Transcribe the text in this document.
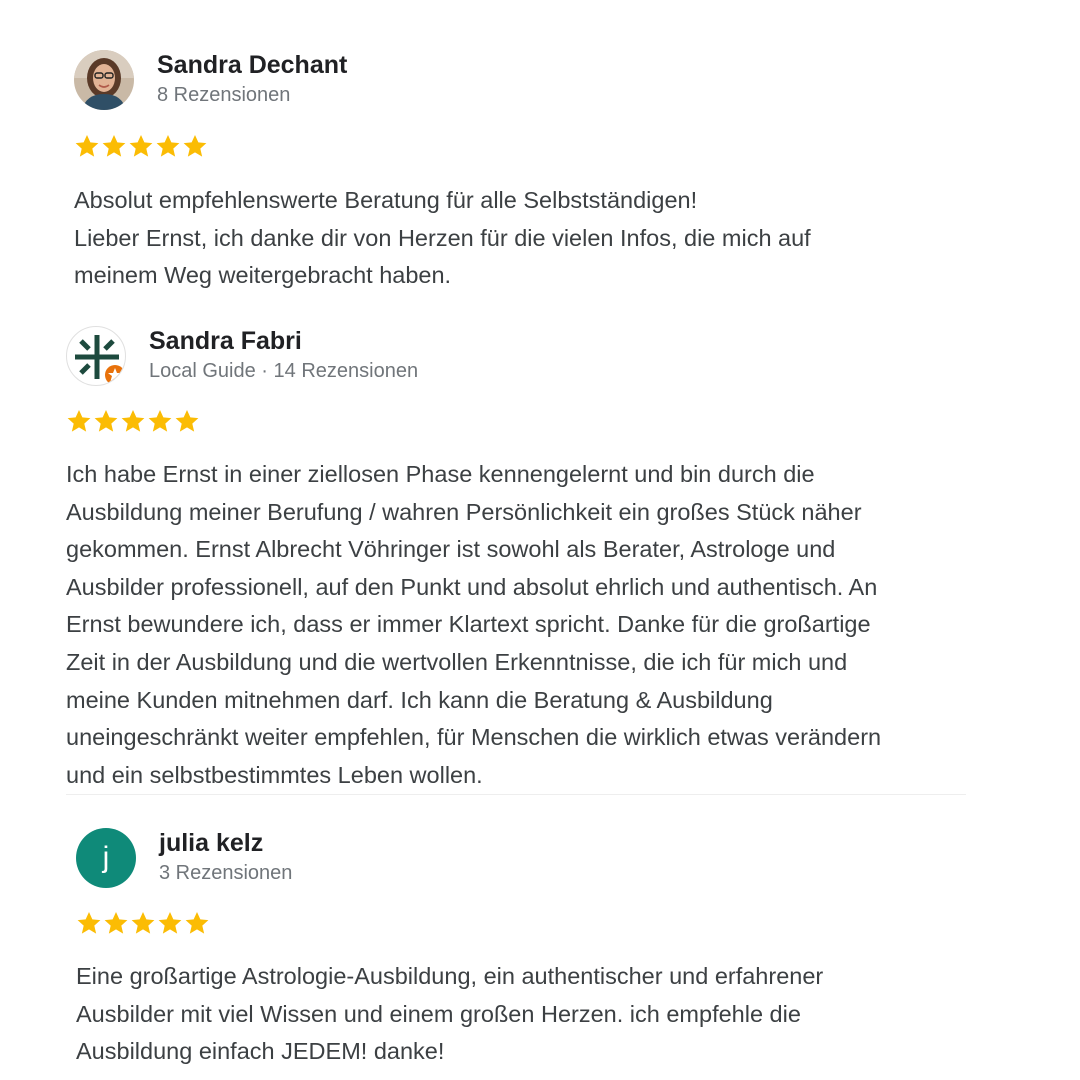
Sandra Dechant
8 Rezensionen
Absolut empfehlenswerte Beratung für alle Selbstständigen!
Lieber Ernst, ich danke dir von Herzen für die vielen Infos, die mich auf
meinem Weg weitergebracht haben.
Sandra Fabri
Local Guide · 14 Rezensionen
Ich habe Ernst in einer ziellosen Phase kennengelernt und bin durch die
Ausbildung meiner Berufung / wahren Persönlichkeit ein großes Stück näher
gekommen. Ernst Albrecht Vöhringer ist sowohl als Berater, Astrologe und
Ausbilder professionell, auf den Punkt und absolut ehrlich und authentisch. An
Ernst bewundere ich, dass er immer Klartext spricht. Danke für die großartige
Zeit in der Ausbildung und die wertvollen Erkenntnisse, die ich für mich und
meine Kunden mitnehmen darf. Ich kann die Beratung & Ausbildung
uneingeschränkt weiter empfehlen, für Menschen die wirklich etwas verändern
und ein selbstbestimmtes Leben wollen.
j	julia kelz
3 Rezensionen
Eine großartige Astrologie-Ausbildung, ein authentischer und erfahrener
Ausbilder mit viel Wissen und einem großen Herzen. ich empfehle die
Ausbildung einfach JEDEM! danke!
